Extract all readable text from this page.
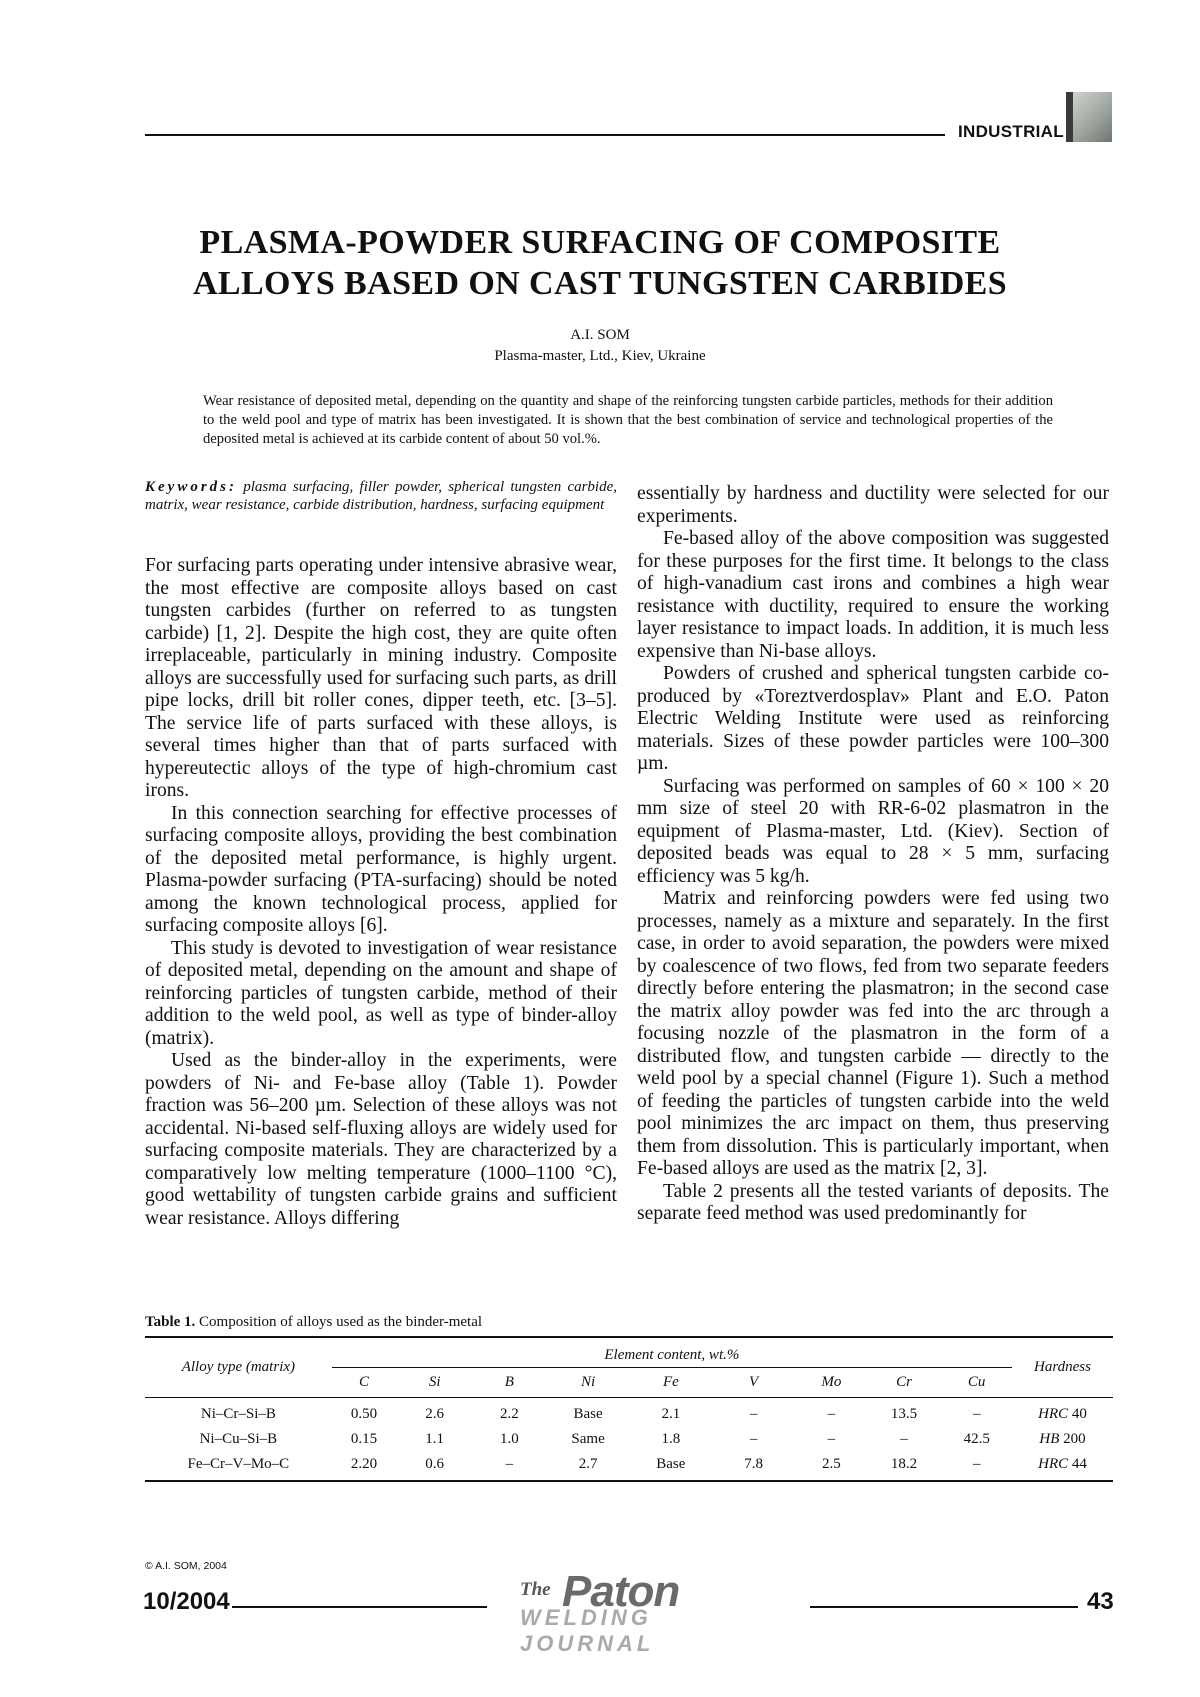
INDUSTRIAL
PLASMA-POWDER SURFACING OF COMPOSITE
ALLOYS BASED ON CAST TUNGSTEN CARBIDES
A.I. SOM
Plasma-master, Ltd., Kiev, Ukraine
Wear resistance of deposited metal, depending on the quantity and shape of the reinforcing tungsten carbide particles, methods for their addition to the weld pool and type of matrix has been investigated. It is shown that the best combination of service and technological properties of the deposited metal is achieved at its carbide content of about 50 vol.%.
Keywords: plasma surfacing, filler powder, spherical tungsten carbide, matrix, wear resistance, carbide distribution, hardness, surfacing equipment

For surfacing parts operating under intensive abrasive wear, the most effective are composite alloys based on cast tungsten carbides (further on referred to as tungsten carbide) [1, 2]. Despite the high cost, they are quite often irreplaceable, particularly in mining industry. Composite alloys are successfully used for surfacing such parts, as drill pipe locks, drill bit roller cones, dipper teeth, etc. [3–5]. The service life of parts surfaced with these alloys, is several times higher than that of parts surfaced with hypereutectic alloys of the type of high-chromium cast irons.

In this connection searching for effective processes of surfacing composite alloys, providing the best combination of the deposited metal performance, is highly urgent. Plasma-powder surfacing (PTA-surfacing) should be noted among the known technological process, applied for surfacing composite alloys [6].

This study is devoted to investigation of wear resistance of deposited metal, depending on the amount and shape of reinforcing particles of tungsten carbide, method of their addition to the weld pool, as well as type of binder-alloy (matrix).

Used as the binder-alloy in the experiments, were powders of Ni- and Fe-base alloy (Table 1). Powder fraction was 56–200 µm. Selection of these alloys was not accidental. Ni-based self-fluxing alloys are widely used for surfacing composite materials. They are characterized by a comparatively low melting temperature (1000–1100 °C), good wettability of tungsten carbide grains and sufficient wear resistance. Alloys differing

essentially by hardness and ductility were selected for our experiments.

Fe-based alloy of the above composition was suggested for these purposes for the first time. It belongs to the class of high-vanadium cast irons and combines a high wear resistance with ductility, required to ensure the working layer resistance to impact loads. In addition, it is much less expensive than Ni-base alloys.

Powders of crushed and spherical tungsten carbide co-produced by «Toreztverdosplav» Plant and E.O. Paton Electric Welding Institute were used as reinforcing materials. Sizes of these powder particles were 100–300 µm.

Surfacing was performed on samples of 60 × 100 × 20 mm size of steel 20 with RR-6-02 plasmatron in the equipment of Plasma-master, Ltd. (Kiev). Section of deposited beads was equal to 28 × 5 mm, surfacing efficiency was 5 kg/h.

Matrix and reinforcing powders were fed using two processes, namely as a mixture and separately. In the first case, in order to avoid separation, the powders were mixed by coalescence of two flows, fed from two separate feeders directly before entering the plasmatron; in the second case the matrix alloy powder was fed into the arc through a focusing nozzle of the plasmatron in the form of a distributed flow, and tungsten carbide — directly to the weld pool by a special channel (Figure 1). Such a method of feeding the particles of tungsten carbide into the weld pool minimizes the arc impact on them, thus preserving them from dissolution. This is particularly important, when Fe-based alloys are used as the matrix [2, 3].

Table 2 presents all the tested variants of deposits. The separate feed method was used predominantly for

Table 1. Composition of alloys used as the binder-metal
Alloy type (matrix)	Element content, wt.%									Hardness
	C	Si	B	Ni	Fe	V	Mo	Cr	Cu	
Ni–Cr–Si–B	0.50	2.6	2.2	Base	2.1	–	–	13.5	–	HRC 40
Ni–Cu–Si–B	0.15	1.1	1.0	Same	1.8	–	–	–	42.5	HB 200
Fe–Cr–V–Mo–C	2.20	0.6	–	2.7	Base	7.8	2.5	18.2	–	HRC 44
© A.I. SOM, 2004
10/2004	The Paton
WELDING JOURNAL
43
